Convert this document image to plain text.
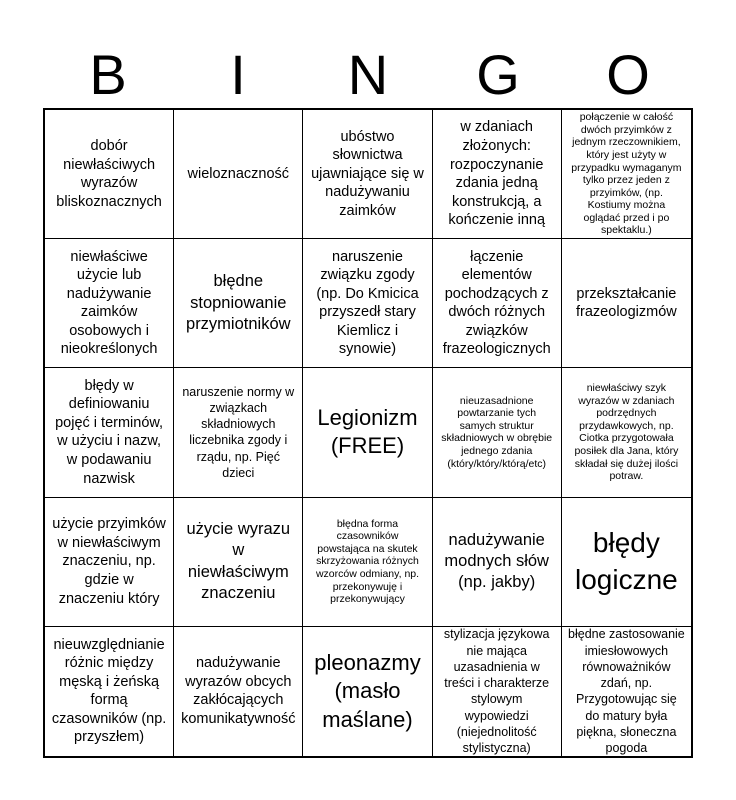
B	I	N	G	O
dobór niewłaściwych wyrazów bliskoznacznych
wieloznaczność
ubóstwo słownictwa ujawniające się w nadużywaniu zaimków
w zdaniach złożonych: rozpoczynanie zdania jedną konstrukcją, a kończenie inną
połączenie w całość dwóch przyimków z jednym rzeczownikiem, który jest użyty w przypadku wymaganym tylko przez jeden z przyimków, (np. Kostiumy można oglądać przed i po spektaklu.)
niewłaściwe użycie lub nadużywanie zaimków osobowych i nieokreślonych
błędne stopniowanie przymiotników
naruszenie związku zgody (np. Do Kmicica przyszedł stary Kiemlicz i synowie)
łączenie elementów pochodzących z dwóch różnych związków frazeologicznych
przekształcanie frazeologizmów
błędy w definiowaniu pojęć i terminów, w użyciu i nazw, w podawaniu nazwisk
naruszenie normy w związkach składniowych liczebnika zgody i rządu, np. Pięć dzieci
Legionizm (FREE)
nieuzasadnione powtarzanie tych samych struktur składniowych w obrębie jednego zdania (który/który/którą/etc)
niewłaściwy szyk wyrazów w zdaniach podrzędnych przydawkowych, np. Ciotka przygotowała posiłek dla Jana, który składał się dużej ilości potraw.
użycie przyimków w niewłaściwym znaczeniu, np. gdzie w znaczeniu który
użycie wyrazu w niewłaściwym znaczeniu
błędna forma czasowników powstająca na skutek skrzyżowania różnych wzorców odmiany, np. przekonywuję i przekonywujący
nadużywanie modnych słów (np. jakby)
błędy logiczne
nieuwzględnianie różnic między męską i żeńską formą czasowników (np. przyszłem)
nadużywanie wyrazów obcych zakłócających komunikatywność
pleonazmy (masło maślane)
stylizacja językowa nie mająca uzasadnienia w treści i charakterze stylowym wypowiedzi (niejednolitość stylistyczna)
błędne zastosowanie imiesłowowych równoważników zdań, np. Przygotowując się do matury była piękna, słoneczna pogoda
